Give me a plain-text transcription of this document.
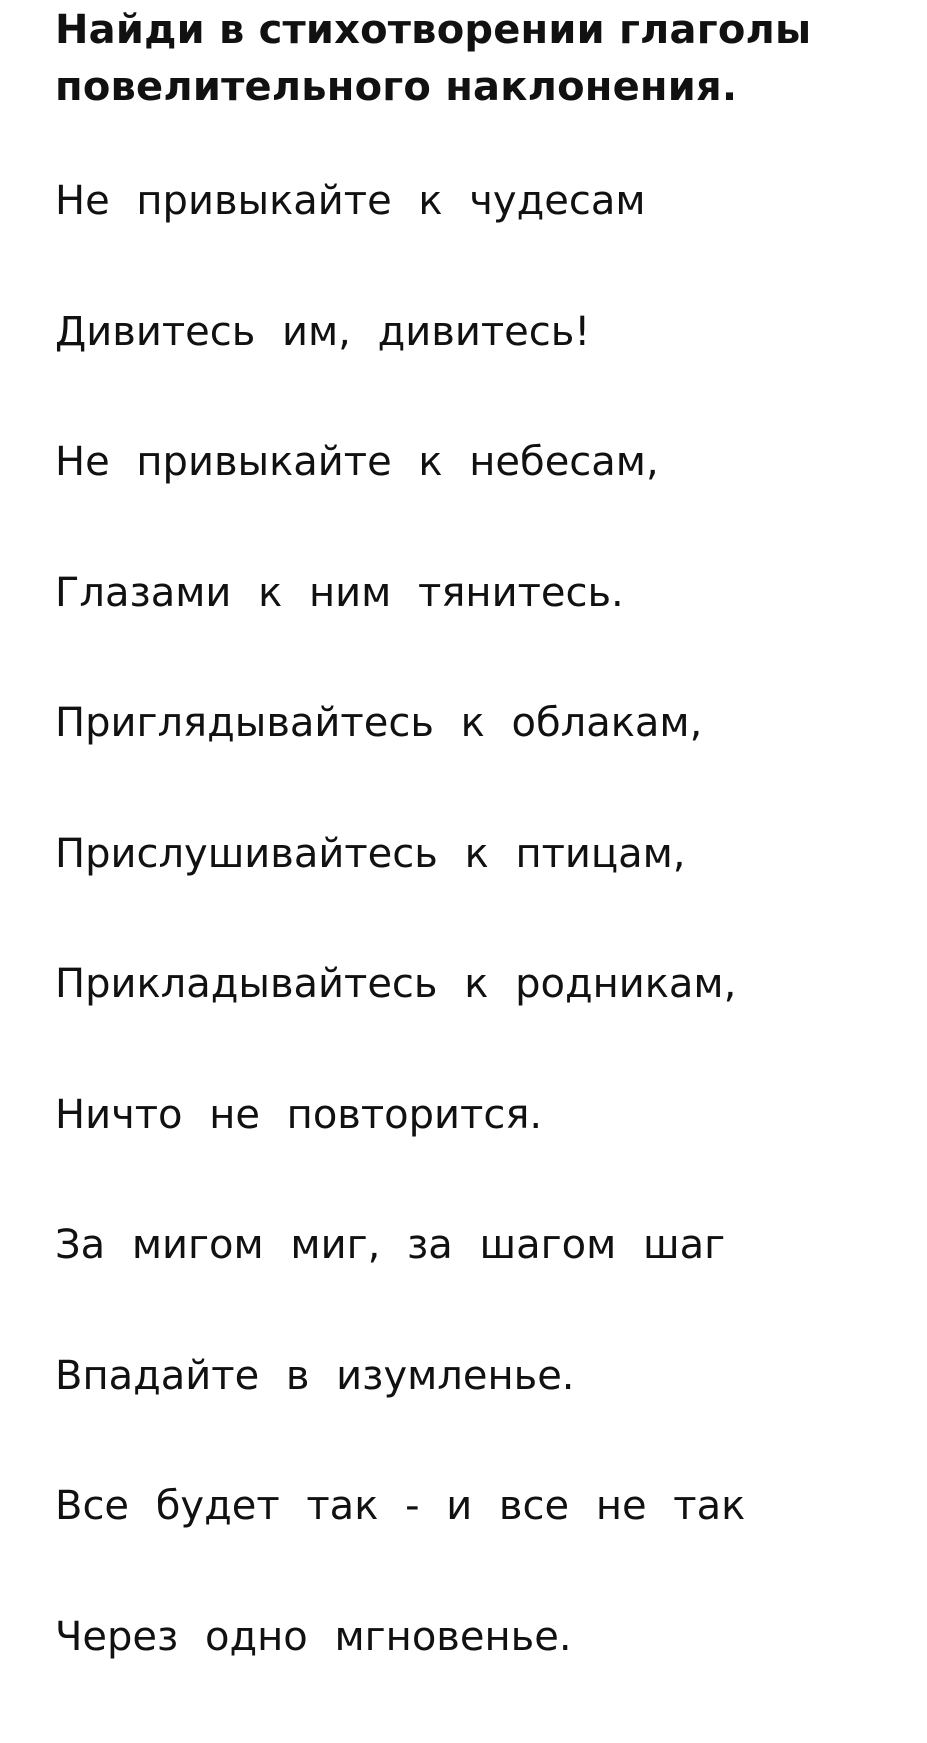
Найди в стихотворении глаголы повелительного наклонения.
Не привыкайте к чудесам
Дивитесь им, дивитесь!
Не привыкайте к небесам,
Глазами к ним тянитесь.
Приглядывайтесь к облакам,
Прислушивайтесь к птицам,
Прикладывайтесь к родникам,
Ничто не повторится.
За мигом миг, за шагом шаг
Впадайте в изумленье.
Все будет так - и все не так
Через одно мгновенье.
